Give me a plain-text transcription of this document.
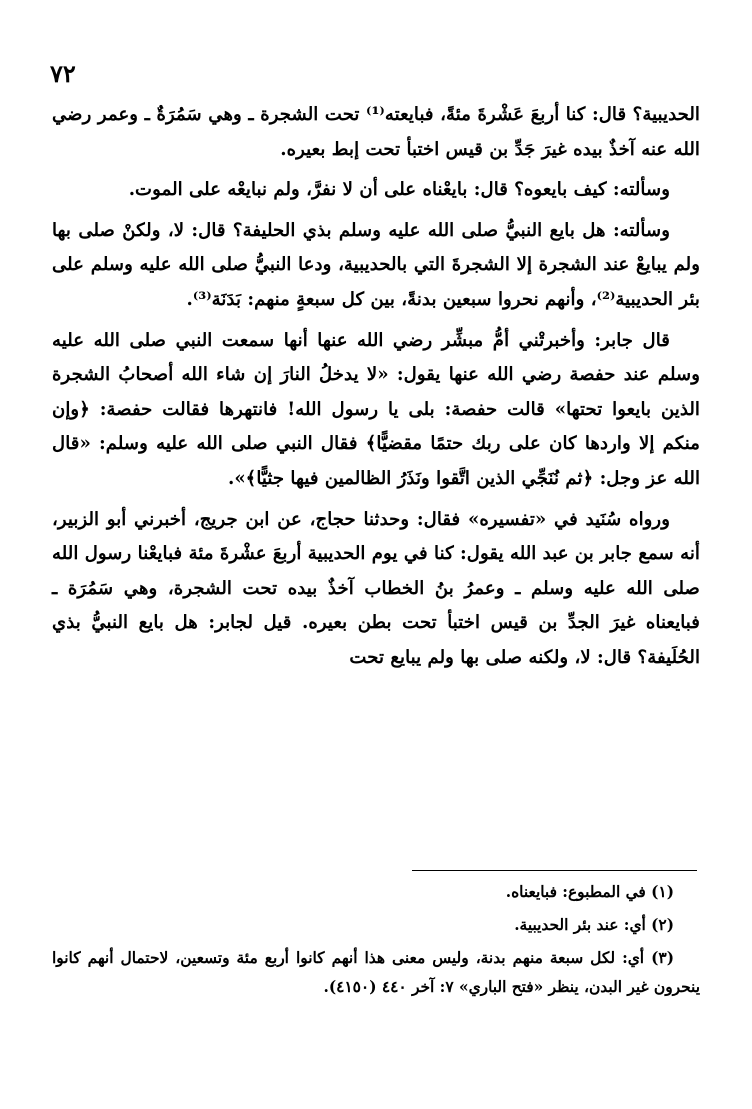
٧٢

الحديبية؟ قال: كنا أربعَ عَشْرةَ مئةً، فبايعته⁽¹⁾ تحت الشجرة ـ وهي سَمُرَةٌ ـ وعمر رضي الله عنه آخذٌ بيده غيرَ جَدِّ بن قيس اختبأ تحت إبط بعيره.

وسألته: كيف بايعوه؟ قال: بايعْناه على أن لا نفرَّ، ولم نبايعْه على الموت.

وسألته: هل بايع النبيُّ صلى الله عليه وسلم بذي الحليفة؟ قال: لا، ولكنْ صلى بها ولم يبايعْ عند الشجرة إلا الشجرةَ التي بالحديبية، ودعا النبيُّ صلى الله عليه وسلم على بئر الحديبية⁽²⁾، وأنهم نحروا سبعين بدنةً، بين كل سبعةٍ منهم: بَدَنَة⁽³⁾.

قال جابر: وأخبرتْني أمُّ مبشِّر رضي الله عنها أنها سمعت النبي صلى الله عليه وسلم عند حفصة رضي الله عنها يقول: «لا يدخلُ النارَ إن شاء الله أصحابُ الشجرة الذين بايعوا تحتها» قالت حفصة: بلى يا رسول الله! فانتهرها فقالت حفصة: ﴿وإن منكم إلا واردها كان على ربك حتمًا مقضيًّا﴾ فقال النبي صلى الله عليه وسلم: «قال الله عز وجل: ﴿ثم نُنَجِّي الذين اتَّقوا ونَذَرُ الظالمين فيها جثيًّا﴾».

ورواه سُنَيد في «تفسيره» فقال: وحدثنا حجاج، عن ابن جريج، أخبرني أبو الزبير، أنه سمع جابر بن عبد الله يقول: كنا في يوم الحديبية أربعَ عشْرةَ مئة فبايعْنا رسول الله صلى الله عليه وسلم ـ وعمرُ بنُ الخطاب آخذٌ بيده تحت الشجرة، وهي سَمُرَة ـ فبايعناه غيرَ الجدِّ بن قيس اختبأ تحت بطن بعيره. قيل لجابر: هل بايع النبيُّ بذي الحُلَيفة؟ قال: لا، ولكنه صلى بها ولم يبايع تحت

(١) في المطبوع: فبايعناه.

(٢) أي: عند بئر الحديبية.

(٣) أي: لكل سبعة منهم بدنة، وليس معنى هذا أنهم كانوا أربع مئة وتسعين، لاحتمال أنهم كانوا ينحرون غير البدن، ينظر «فتح الباري» ٧: آخر ٤٤٠ (٤١٥٠).
